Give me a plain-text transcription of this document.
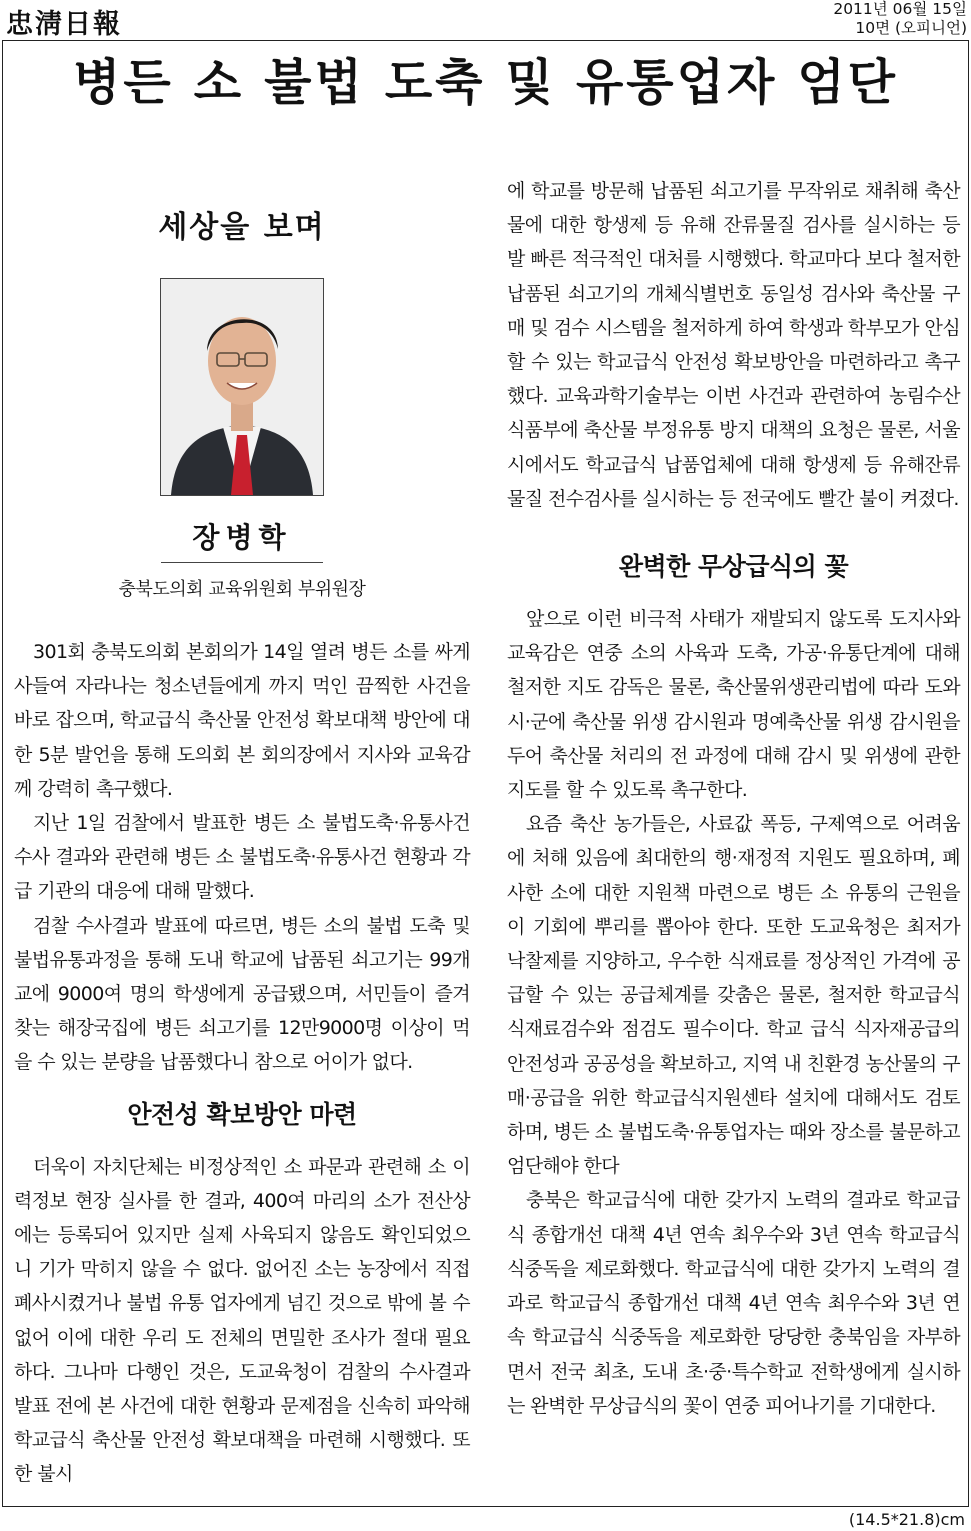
忠淸日報	2011년 06월 15일
10면 (오피니언)
병든 소 불법 도축 및 유통업자 엄단
세상을 보며
장병학
충북도의회 교육위원회 부위원장

301회 충북도의회 본회의가 14일 열려 병든 소를 싸게 사들여 자라나는 청소년들에게 까지 먹인 끔찍한 사건을 바로 잡으며, 학교급식 축산물 안전성 확보대책 방안에 대한 5분 발언을 통해 도의회 본 회의장에서 지사와 교육감께 강력히 촉구했다.

지난 1일 검찰에서 발표한 병든 소 불법도축·유통사건 수사 결과와 관련해 병든 소 불법도축·유통사건 현황과 각급 기관의 대응에 대해 말했다.

검찰 수사결과 발표에 따르면, 병든 소의 불법 도축 및 불법유통과정을 통해 도내 학교에 납품된 쇠고기는 99개교에 9000여 명의 학생에게 공급됐으며, 서민들이 즐겨 찾는 해장국집에 병든 쇠고기를 12만9000명 이상이 먹을 수 있는 분량을 납품했다니 참으로 어이가 없다.

안전성 확보방안 마련

더욱이 자치단체는 비정상적인 소 파문과 관련해 소 이력정보 현장 실사를 한 결과, 400여 마리의 소가 전산상에는 등록되어 있지만 실제 사육되지 않음도 확인되었으니 기가 막히지 않을 수 없다. 없어진 소는 농장에서 직접 폐사시켰거나 불법 유통 업자에게 넘긴 것으로 밖에 볼 수 없어 이에 대한 우리 도 전체의 면밀한 조사가 절대 필요하다. 그나마 다행인 것은, 도교육청이 검찰의 수사결과 발표 전에 본 사건에 대한 현황과 문제점을 신속히 파악해 학교급식 축산물 안전성 확보대책을 마련해 시행했다. 또한 불시

에 학교를 방문해 납품된 쇠고기를 무작위로 채취해 축산물에 대한 항생제 등 유해 잔류물질 검사를 실시하는 등 발 빠른 적극적인 대처를 시행했다. 학교마다 보다 철저한 납품된 쇠고기의 개체식별번호 동일성 검사와 축산물 구매 및 검수 시스템을 철저하게 하여 학생과 학부모가 안심할 수 있는 학교급식 안전성 확보방안을 마련하라고 촉구했다. 교육과학기술부는 이번 사건과 관련하여 농림수산식품부에 축산물 부정유통 방지 대책의 요청은 물론, 서울시에서도 학교급식 납품업체에 대해 항생제 등 유해잔류물질 전수검사를 실시하는 등 전국에도 빨간 불이 켜졌다.

완벽한 무상급식의 꽃

앞으로 이런 비극적 사태가 재발되지 않도록 도지사와 교육감은 연중 소의 사육과 도축, 가공·유통단계에 대해 철저한 지도 감독은 물론, 축산물위생관리법에 따라 도와 시·군에 축산물 위생 감시원과 명예축산물 위생 감시원을 두어 축산물 처리의 전 과정에 대해 감시 및 위생에 관한 지도를 할 수 있도록 촉구한다.

요즘 축산 농가들은, 사료값 폭등, 구제역으로 어려움에 처해 있음에 최대한의 행·재정적 지원도 필요하며, 폐사한 소에 대한 지원책 마련으로 병든 소 유통의 근원을 이 기회에 뿌리를 뽑아야 한다. 또한 도교육청은 최저가 낙찰제를 지양하고, 우수한 식재료를 정상적인 가격에 공급할 수 있는 공급체계를 갖춤은 물론, 철저한 학교급식 식재료검수와 점검도 필수이다. 학교 급식 식자재공급의 안전성과 공공성을 확보하고, 지역 내 친환경 농산물의 구매·공급을 위한 학교급식지원센타 설치에 대해서도 검토하며, 병든 소 불법도축·유통업자는 때와 장소를 불문하고 엄단해야 한다

충북은 학교급식에 대한 갖가지 노력의 결과로 학교급식 종합개선 대책 4년 연속 최우수와 3년 연속 학교급식 식중독을 제로화했다. 학교급식에 대한 갖가지 노력의 결과로 학교급식 종합개선 대책 4년 연속 최우수와 3년 연속 학교급식 식중독을 제로화한 당당한 충북임을 자부하면서 전국 최초, 도내 초·중·특수학교 전학생에게 실시하는 완벽한 무상급식의 꽃이 연중 피어나기를 기대한다.

(14.5*21.8)cm
